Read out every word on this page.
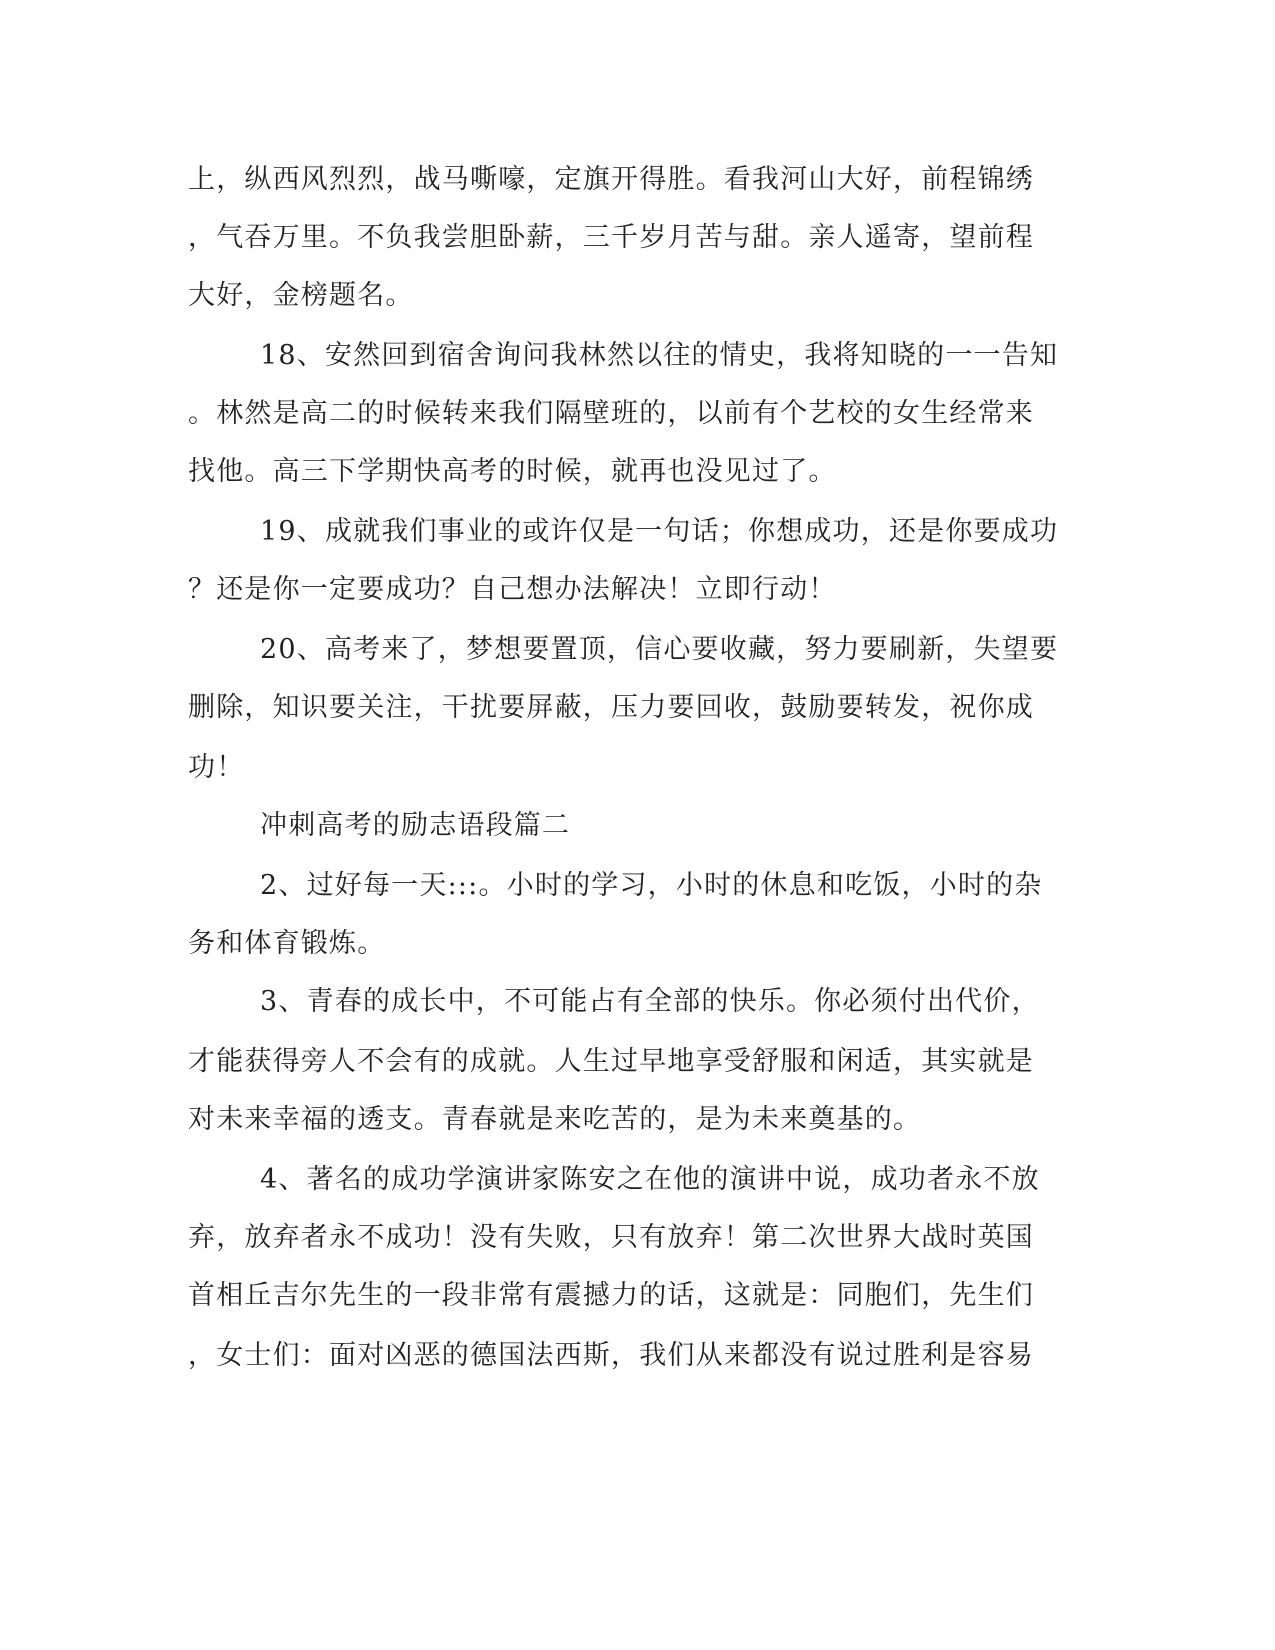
上，纵西风烈烈，战马嘶嚎，定旗开得胜。看我河山大好，前程锦绣
，气吞万里。不负我尝胆卧薪，三千岁月苦与甜。亲人遥寄，望前程
大好，金榜题名。
18、安然回到宿舍询问我林然以往的情史，我将知晓的一一告知
。林然是高二的时候转来我们隔壁班的，以前有个艺校的女生经常来
找他。高三下学期快高考的时候，就再也没见过了。
19、成就我们事业的或许仅是一句话；你想成功，还是你要成功
？还是你一定要成功？自己想办法解决！立即行动！
20、高考来了，梦想要置顶，信心要收藏，努力要刷新，失望要
删除，知识要关注，干扰要屏蔽，压力要回收，鼓励要转发，祝你成
功！
冲刺高考的励志语段篇二
2、过好每一天:::。小时的学习，小时的休息和吃饭，小时的杂
务和体育锻炼。
3、青春的成长中，不可能占有全部的快乐。你必须付出代价，
才能获得旁人不会有的成就。人生过早地享受舒服和闲适，其实就是
对未来幸福的透支。青春就是来吃苦的，是为未来奠基的。
4、著名的成功学演讲家陈安之在他的演讲中说，成功者永不放
弃，放弃者永不成功！没有失败，只有放弃！第二次世界大战时英国
首相丘吉尔先生的一段非常有震撼力的话，这就是：同胞们，先生们
，女士们：面对凶恶的德国法西斯，我们从来都没有说过胜利是容易
